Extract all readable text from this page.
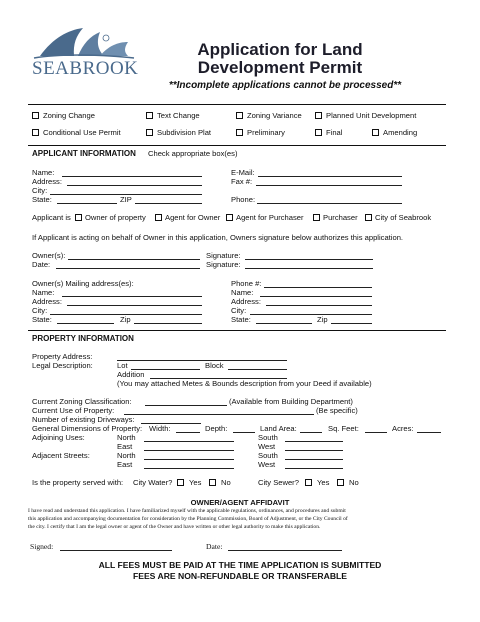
SEABROOK
Application for Land
Development Permit
**Incomplete applications cannot be processed**
Zoning Change	Text Change	Zoning Variance	Planned Unit Development
Conditional Use Permit	Subdivision Plat	Preliminary	Final	Amending
APPLICANT INFORMATION Check appropriate box(es)
Name:
Address:
City:
State:	ZIP
E-Mail:
Fax #:
Phone:
Applicant is Owner of property	Agent for Owner Agent for Purchaser	Purchaser City of Seabrook
If Applicant is acting on behalf of Owner in this application, Owners signature below authorizes this application.
Owner(s):
Date:
Signature:
Signature:
Owner(s) Mailing address(es):
Name:
Address:
City:
State:	Zip
Phone #:
Name:
Address:
City:
State:	Zip
PROPERTY INFORMATION
Property Address:
Legal Description:	Lot	Block
Addition
(You may attached Metes & Bounds description from your Deed if available)
Current Zoning Classification:	(Available from Building Department)
Current Use of Property:	(Be specific)
Number of existing Driveways:
General Dimensions of Property: Width:	Depth:	Land Area:	Sq. Feet:	Acres:
Adjoining Uses:	North
East
South
West
Adjacent Streets:	North
East
South
West
Is the property served with: City Water? Yes	No	City Sewer? Yes	No
OWNER/AGENT AFFIDAVIT
I have read and understand this application. I have familiarized myself with the applicable regulations, ordinances, and procedures and submit
this application and accompanying documentation for consideration by the Planning Commission, Board of Adjustment, or the City Council of
the city. I certify that I am the legal owner or agent of the Owner and have written or other legal authority to make this application.
Signed:	Date:
ALL FEES MUST BE PAID AT THE TIME APPLICATION IS SUBMITTED
FEES ARE NON-REFUNDABLE OR TRANSFERABLE
